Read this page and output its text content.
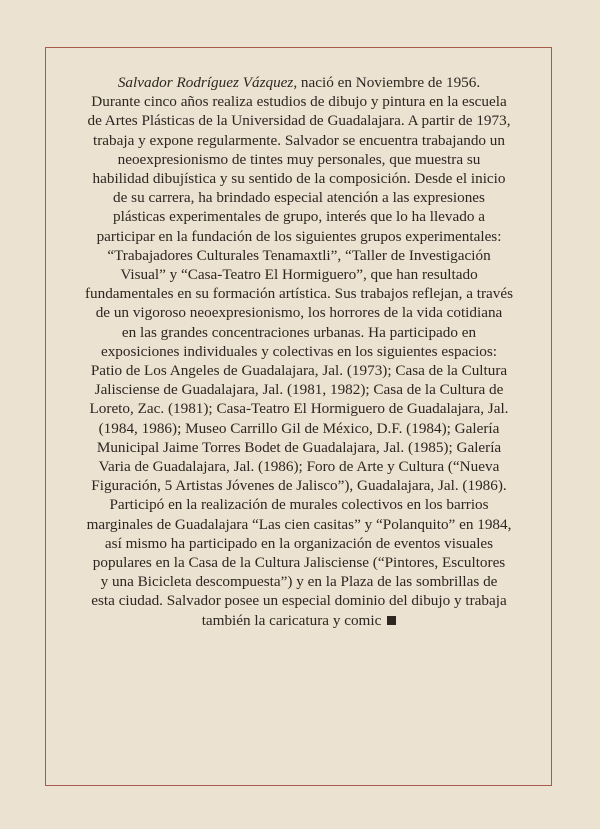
Salvador Rodríguez Vázquez, nació en Noviembre de 1956.
Durante cinco años realiza estudios de dibujo y pintura en la escuela
de Artes Plásticas de la Universidad de Guadalajara. A partir de 1973,
trabaja y expone regularmente. Salvador se encuentra trabajando un
neoexpresionismo de tintes muy personales, que muestra su
habilidad dibujística y su sentido de la composición. Desde el inicio
de su carrera, ha brindado especial atención a las expresiones
plásticas experimentales de grupo, interés que lo ha llevado a
participar en la fundación de los siguientes grupos experimentales:
“Trabajadores Culturales Tenamaxtli”, “Taller de Investigación
Visual” y “Casa-Teatro El Hormiguero”, que han resultado
fundamentales en su formación artística. Sus trabajos reflejan, a través
de un vigoroso neoexpresionismo, los horrores de la vida cotidiana
en las grandes concentraciones urbanas. Ha participado en
exposiciones individuales y colectivas en los siguientes espacios:
Patio de Los Angeles de Guadalajara, Jal. (1973); Casa de la Cultura
Jalisciense de Guadalajara, Jal. (1981, 1982); Casa de la Cultura de
Loreto, Zac. (1981); Casa-Teatro El Hormiguero de Guadalajara, Jal.
(1984, 1986); Museo Carrillo Gil de México, D.F. (1984); Galería
Municipal Jaime Torres Bodet de Guadalajara, Jal. (1985); Galería
Varia de Guadalajara, Jal. (1986); Foro de Arte y Cultura (“Nueva
Figuración, 5 Artistas Jóvenes de Jalisco”), Guadalajara, Jal. (1986).
Participó en la realización de murales colectivos en los barrios
marginales de Guadalajara “Las cien casitas” y “Polanquito” en 1984,
así mismo ha participado en la organización de eventos visuales
populares en la Casa de la Cultura Jalisciense (“Pintores, Escultores
y una Bicicleta descompuesta”) y en la Plaza de las sombrillas de
esta ciudad. Salvador posee un especial dominio del dibujo y trabaja
también la caricatura y comic
